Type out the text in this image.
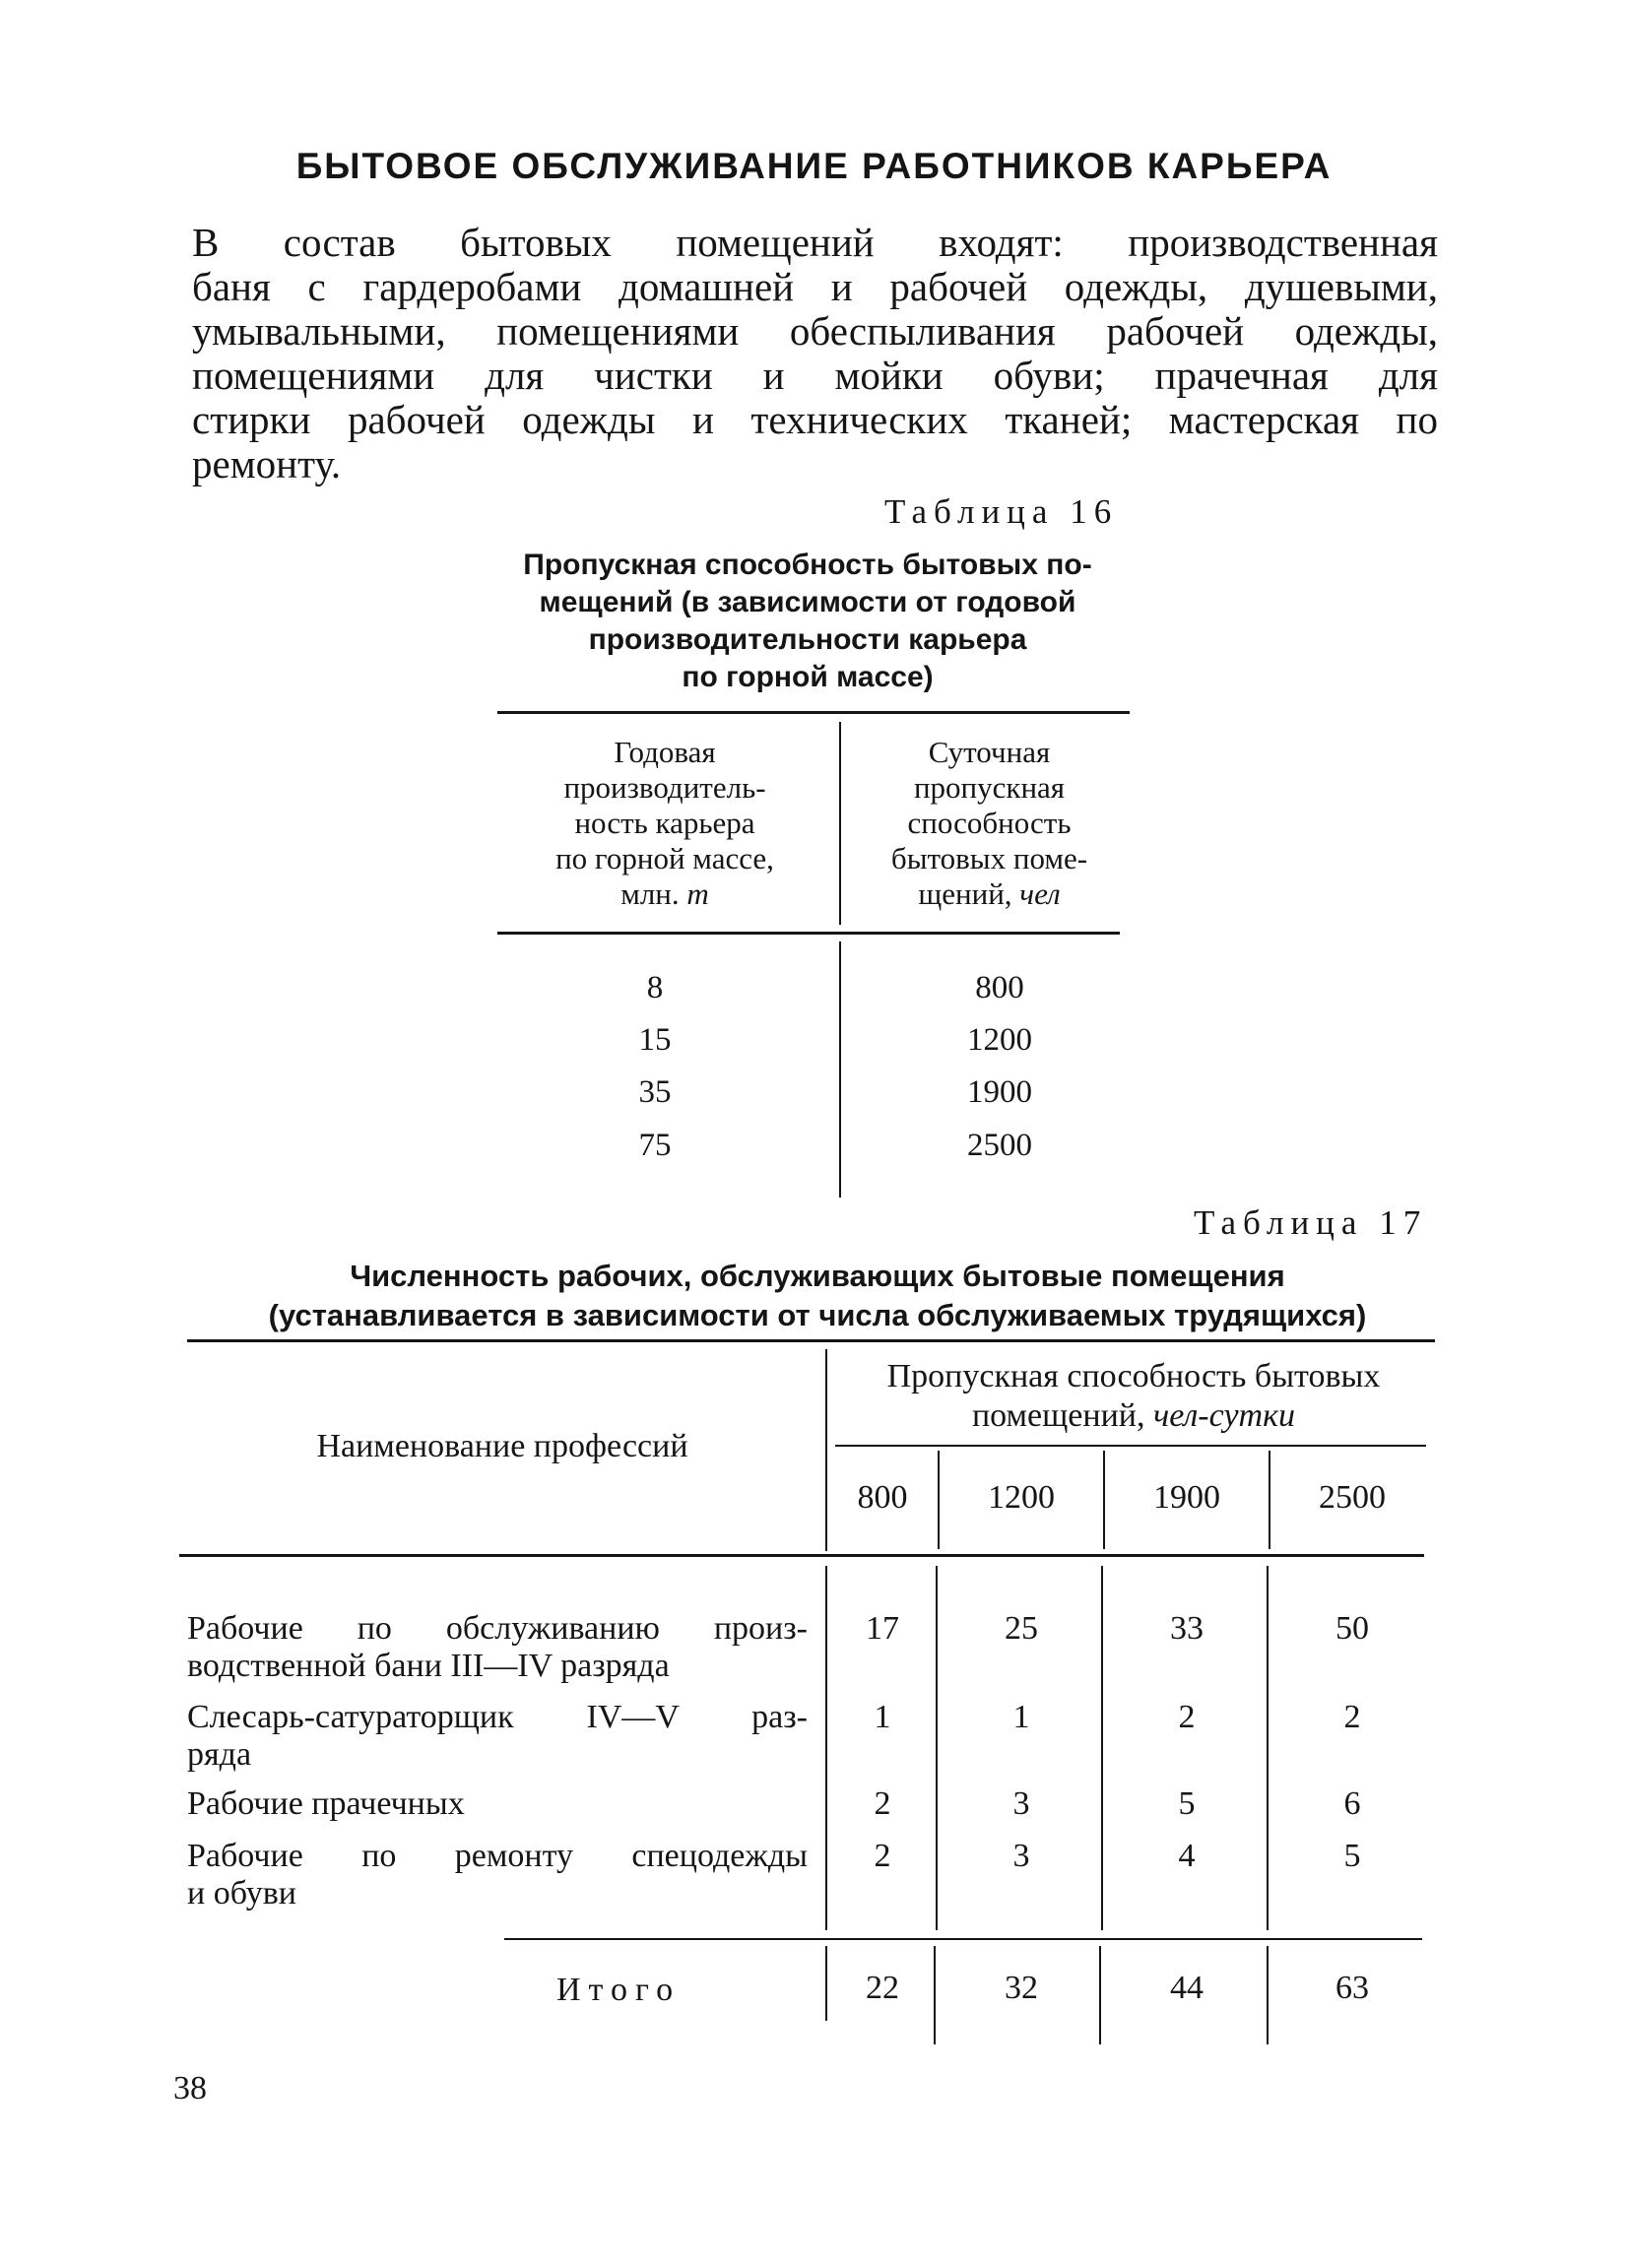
БЫТОВОЕ ОБСЛУЖИВАНИЕ РАБОТНИКОВ КАРЬЕРА
В состав бытовых помещений входят: производственная
баня с гардеробами домашней и рабочей одежды, душевыми,
умывальными, помещениями обеспыливания рабочей одежды,
помещениями для чистки и мойки обуви; прачечная для
стирки рабочей одежды и технических тканей; мастерская по
ремонту.
Таблица 16
Пропускная способность бытовых по-
мещений (в зависимости от годовой
производительности карьера
по горной массе)
Годовая
производитель-
ность карьера
по горной массе,
млн. т
Суточная
пропускная
способность
бытовых поме-
щений, чел
8	800
15	1200
35	1900
75	2500
Таблица 17
Численность рабочих, обслуживающих бытовые помещения
(устанавливается в зависимости от числа обслуживаемых трудящихся)
Наименование профессий
Пропускная способность бытовых
помещений, чел-сутки
800	1200	1900	2500
Рабочие по обслуживанию произ-
водственной бани III—IV разряда
17	25	33	50
Слесарь-сатураторщик IV—V раз-
ряда
1	1	2	2
Рабочие прачечных	2	3	5	6
Рабочие по ремонту спецодежды
и обуви
2	3	4	5
Итого	22	32	44	63
38
